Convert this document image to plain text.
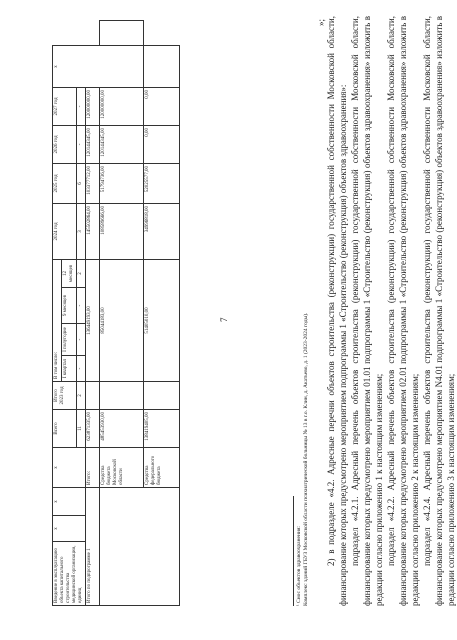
7
Введение в эксплуатацию объекта капитального строительства медицинской организации, единиц	x	x	x	Всего	Итого 2023 год	В том числе:				2024 год	2025 год	2026 год	2027 год	x	
						I квартал	I полугодие	9 месяцев	12 месяцев						
				11	2	-	-	-	2	3	6	-	-		
Итого по подпрограмме 1			Итого:	623871335,00		136449193,00				145502864,00	103377712,00	120144345,00	120000000,00		
			Средства бюджета Московской области	485453930,00		85044183,00				108589666,00	51794736,00	120144345,00	120000000,00		
			Средства федерального бюджета	138419405,00		51405010,00				34996818,00	52025577,00	0,00	0,00		
¹ Снос объектов здравоохранения: Комплекс зданий ГБУЗ Московской области психиатрической больницы № 13 в г.о. Клин, д. Акатьево, д. 1 (2023-2024 годы).
»; 2) в подразделе «4.2. Адресные перечни объектов строительства (реконструкции) государственной собственности Московской области, финансирование которых предусмотрено мероприятием подпрограммы 1 «Строительство (реконструкция) объектов здравоохранения»: подраздел «4.2.1. Адресный перечень объектов строительства (реконструкции) государственной собственности Московской области, финансирование которых предусмотрено мероприятием 01.01 подпрограммы 1 «Строительство (реконструкция) объектов здравоохранения» изложить в редакции согласно приложению 1 к настоящим изменениям; подраздел «4.2.2. Адресный перечень объектов строительства (реконструкции) государственной собственности Московской области, финансирование которых предусмотрено мероприятием 02.01 подпрограммы 1 «Строительство (реконструкция) объектов здравоохранения» изложить в редакции согласно приложению 2 к настоящим изменениям; подраздел «4.2.4. Адресный перечень объектов строительства (реконструкции) государственной собственности Московской области, финансирование которых предусмотрено мероприятием N4.01 подпрограммы 1 «Строительство (реконструкция) объектов здравоохранения» изложить в редакции согласно приложению 3 к настоящим изменениям;
